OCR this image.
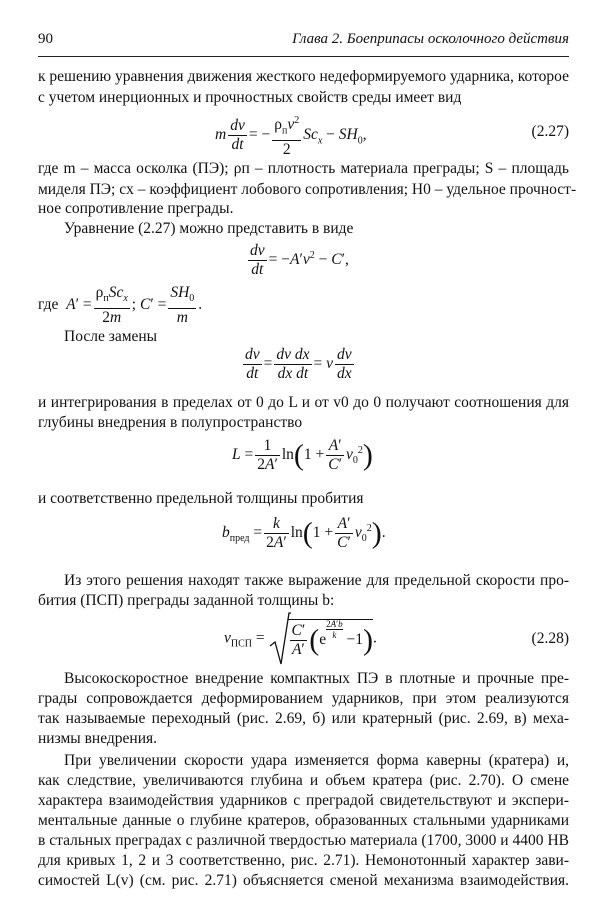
90	Глава 2. Боеприпасы осколочного действия
к решению уравнения движения жесткого недеформируемого ударника, которое
с учетом инерционных и прочностных свойств среды имеет вид
m $\frac{dv}{dt}$ = − $\frac{\rho_пv^2}{2} Sc_x - SH_0$,	(2.27)
где m – масса осколка (ПЭ); ρп – плотность материала преграды; S – площадь
миделя ПЭ; cx – коэффициент лобового сопротивления; H0 – удельное прочност-
ное сопротивление преграды.
Уравнение (2.27) можно представить в виде
$\frac{dv}{dt} = -A'v^2 - C'$,
где $A' = \frac{\rho_пSc_x}{2m}$ ; $C' = \frac{SH_0}{m}$ .
После замены
$\frac{dv}{dt} = \frac{\text{dv dx}}{\text{dx dt}} = v \frac{dv}{dx}$
и интегрирования в пределах от 0 до L и от v0 до 0 получают соотношения для
глубины внедрения в полупространство
$L = \frac{1}{2A'} \ln(1 + \frac{A'}{C'} v_0^2)$
и соответственно предельной толщины пробития
$b_{пред} = \frac{k}{2A'} \ln(1 + \frac{A'}{C'} v_0^2)$.
Из этого решения находят также выражение для предельной скорости про-
бития (ПСП) преграды заданной толщины b:
$v_{ПСП} = \frac{C'}{A'} (e$ $^{\frac{2A'b}{k}}$ −1).	(2.28)
Высокоскоростное внедрение компактных ПЭ в плотные и прочные пре-
грады сопровождается деформированием ударников, при этом реализуются
так называемые переходный (рис. 2.69, б) или кратерный (рис. 2.69, в) меха-
низмы внедрения.
При увеличении скорости удара изменяется форма каверны (кратера) и,
как следствие, увеличиваются глубина и объем кратера (рис. 2.70). О смене
характера взаимодействия ударников с преградой свидетельствуют и экспери-
ментальные данные о глубине кратеров, образованных стальными ударниками
в стальных преградах с различной твердостью материала (1700, 3000 и 4400 HB
для кривых 1, 2 и 3 соответственно, рис. 2.71). Немонотонный характер зави-
симостей L(v) (см. рис. 2.71) объясняется сменой механизма взаимодействия.
